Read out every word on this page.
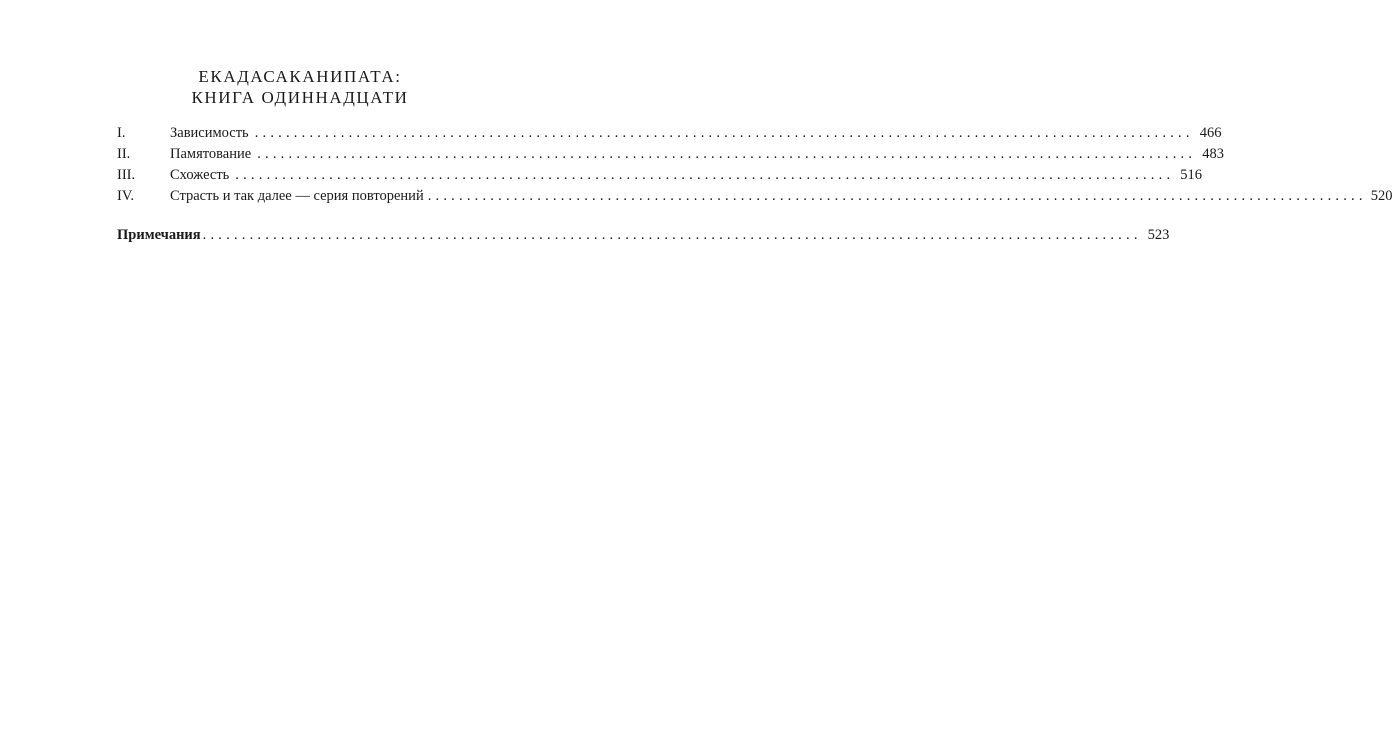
ЕКАДАСАКАНИПАТА:
КНИГА ОДИННАДЦАТИ
I.	Зависимость ........................................................................................................................ 466
II.	Памятование ........................................................................................................................ 483
III.	Схожесть ........................................................................................................................ 516
IV.	Страсть и так далее — серия повторений ........................................................................................................................ 520
Примечания ........................................................................................................................ 523
